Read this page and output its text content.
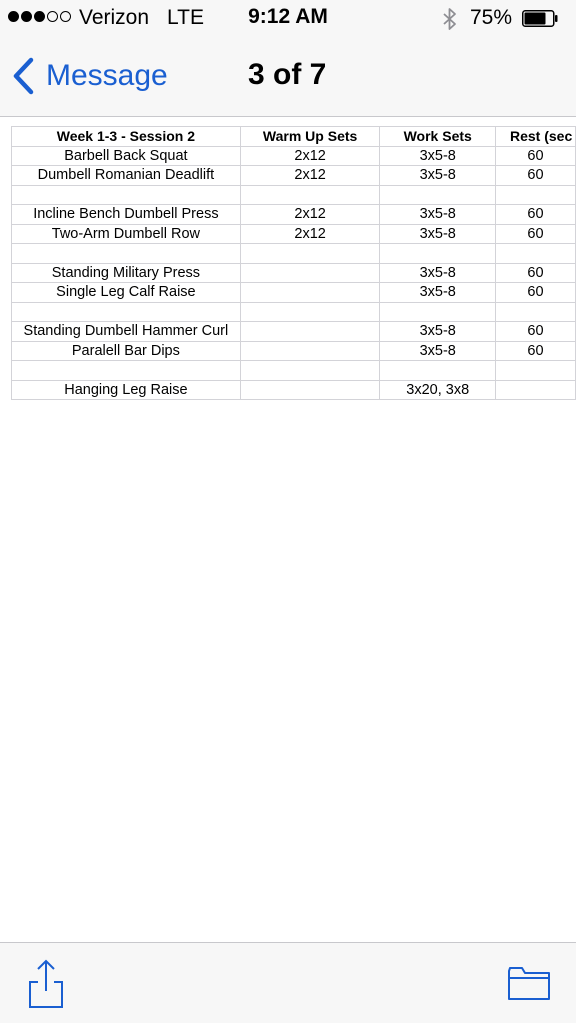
Verizon LTE	9:12 AM	75%
Message	3 of 7
Week 1-3 - Session 2	Warm Up Sets	Work Sets	Rest (sec
Barbell Back Squat	2x12	3x5-8	60
Dumbell Romanian Deadlift	2x12	3x5-8	60

Incline Bench Dumbell Press	2x12	3x5-8	60
Two-Arm Dumbell Row	2x12	3x5-8	60

Standing Military Press		3x5-8	60
Single Leg Calf Raise		3x5-8	60

Standing Dumbell Hammer Curl		3x5-8	60
Paralell Bar Dips		3x5-8	60

Hanging Leg Raise		3x20, 3x8	
